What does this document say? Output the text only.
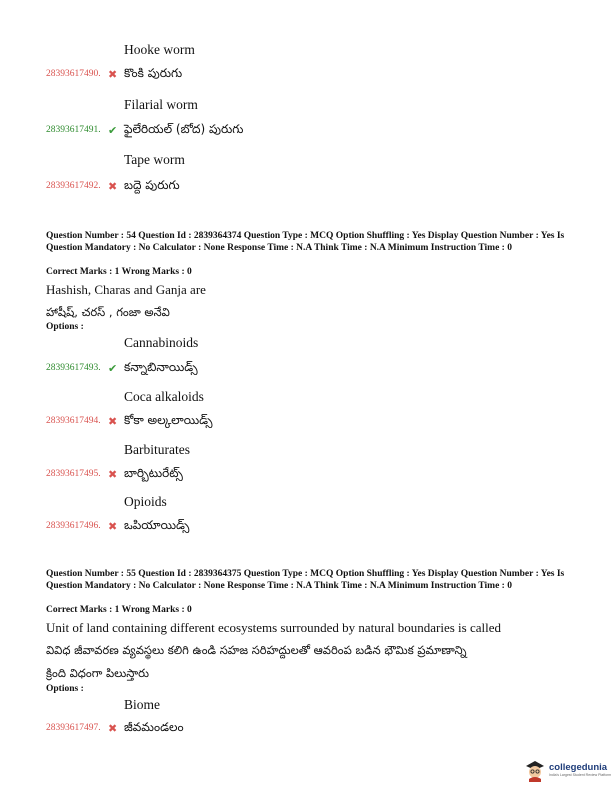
Hooke worm
28393617490. ✖ కొంకి పురుగు
Filarial worm
28393617491. ✔ ఫైలేరియల్ (బోద) పురుగు
Tape worm
28393617492. ✖ బద్దె పురుగు
Question Number : 54 Question Id : 2839364374 Question Type : MCQ Option Shuffling : Yes Display Question Number : Yes Is Question Mandatory : No Calculator : None Response Time : N.A Think Time : N.A Minimum Instruction Time : 0
Correct Marks : 1 Wrong Marks : 0
Hashish, Charas and Ganja are
హాషీష్, చరస్ , గంజా అనేవి
Options :
Cannabinoids
28393617493. ✔ కన్నాబినాయిడ్స్
Coca alkaloids
28393617494. ✖ కోకా అల్కలాయిడ్స్
Barbiturates
28393617495. ✖ బార్బిటురేట్స్
Opioids
28393617496. ✖ ఒపియాయిడ్స్
Question Number : 55 Question Id : 2839364375 Question Type : MCQ Option Shuffling : Yes Display Question Number : Yes Is Question Mandatory : No Calculator : None Response Time : N.A Think Time : N.A Minimum Instruction Time : 0
Correct Marks : 1 Wrong Marks : 0
Unit of land containing different ecosystems surrounded by natural boundaries is called
వివిధ జీవావరణ వ్యవస్థలు కలిగి ఉండి సహజ సరిహద్దులతో ఆవరింప బడిన భౌమిక ప్రమాణాన్ని
క్రింది విధంగా పిలుస్తారు
Options :
Biome
28393617497. ✖ జీవమండలం
collegedunia
India's Largest Student Review Platform
